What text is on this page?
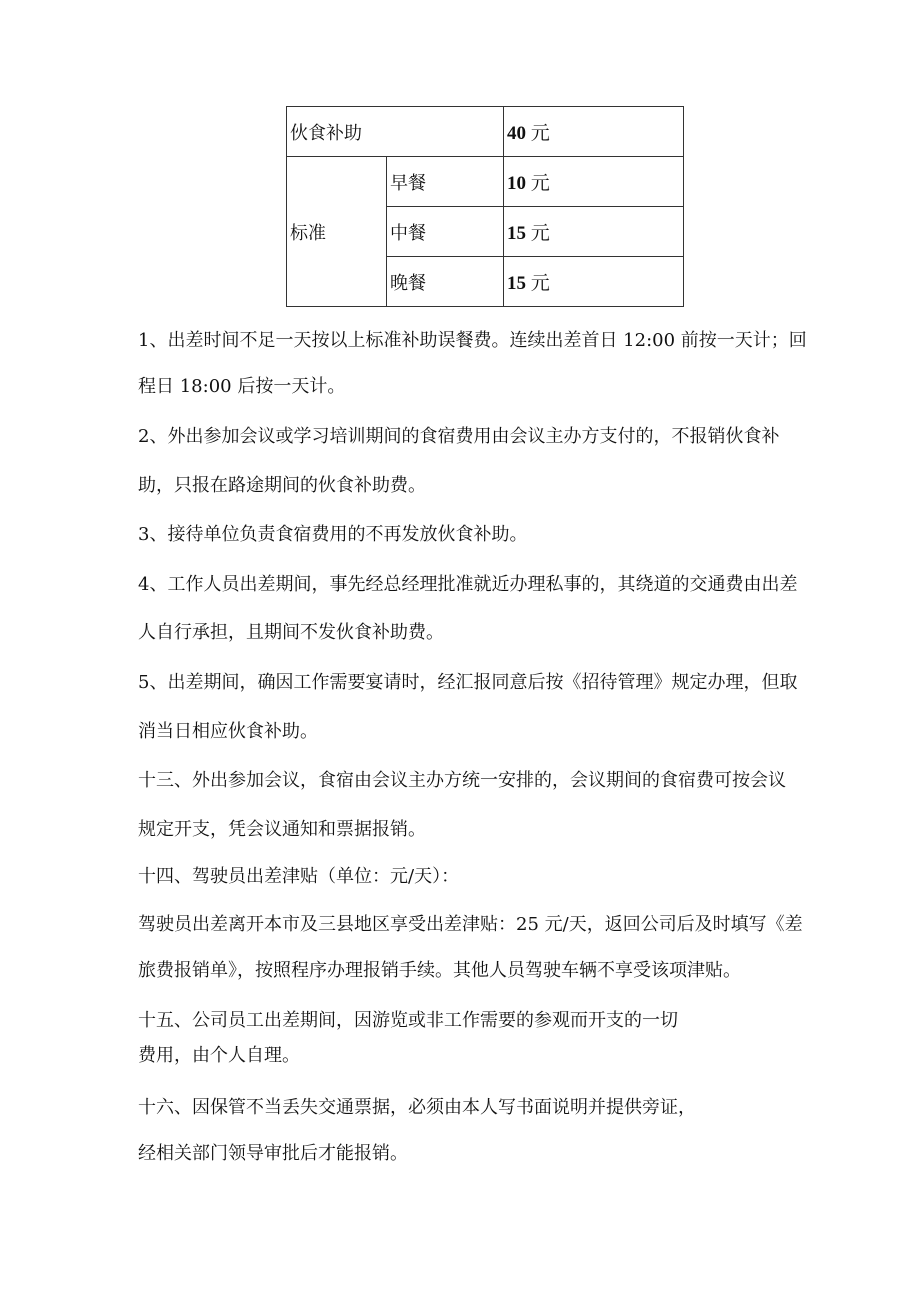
伙食补助		40 元
标准	早餐	10 元
	中餐	15 元
	晚餐	15 元
1、出差时间不足一天按以上标准补助误餐费。连续出差首日 12:00 前按一天计；回
程日 18:00 后按一天计。
2、外出参加会议或学习培训期间的食宿费用由会议主办方支付的，不报销伙食补
助，只报在路途期间的伙食补助费。
3、接待单位负责食宿费用的不再发放伙食补助。
4、工作人员出差期间，事先经总经理批准就近办理私事的，其绕道的交通费由出差
人自行承担，且期间不发伙食补助费。
5、出差期间，确因工作需要宴请时，经汇报同意后按《招待管理》规定办理，但取
消当日相应伙食补助。
十三、外出参加会议，食宿由会议主办方统一安排的，会议期间的食宿费可按会议
规定开支，凭会议通知和票据报销。
十四、驾驶员出差津贴（单位：元/天）：
驾驶员出差离开本市及三县地区享受出差津贴：25 元/天，返回公司后及时填写《差
旅费报销单》，按照程序办理报销手续。其他人员驾驶车辆不享受该项津贴。
十五、公司员工出差期间，因游览或非工作需要的参观而开支的一切
费用，由个人自理。
十六、因保管不当丢失交通票据，必须由本人写书面说明并提供旁证，
经相关部门领导审批后才能报销。
